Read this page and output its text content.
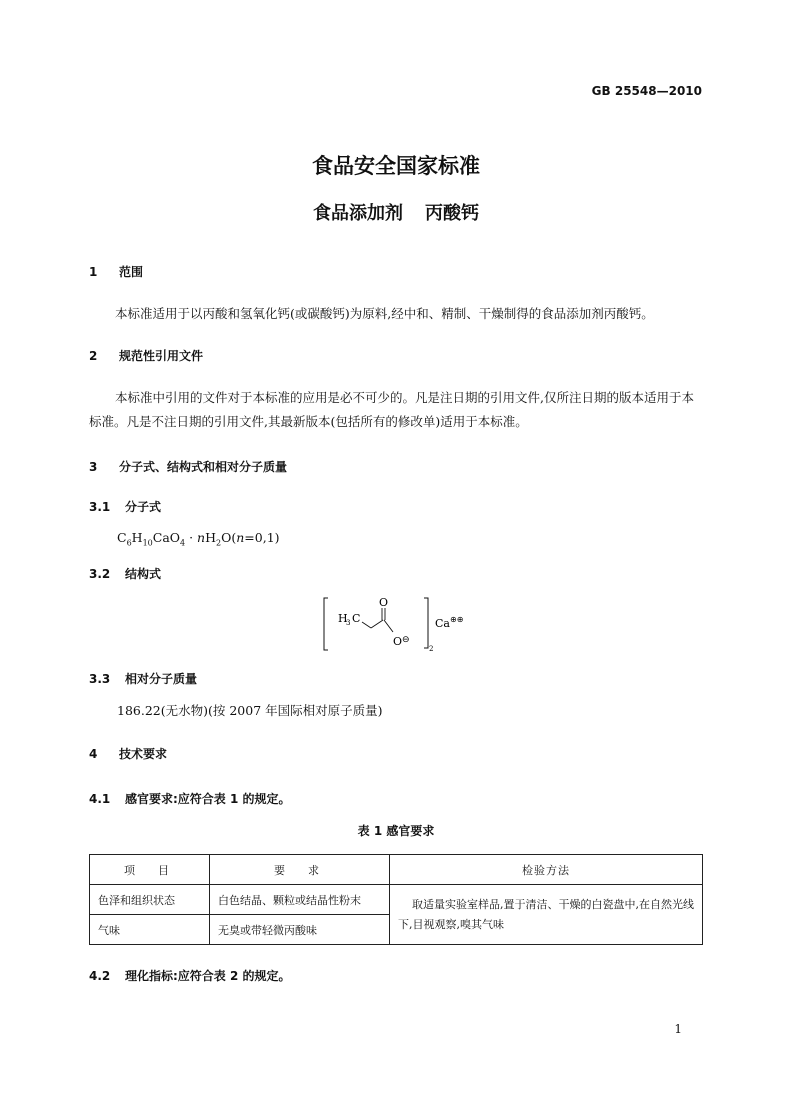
GB 25548—2010
食品安全国家标准
食品添加剂 丙酸钙
1 范围
本标准适用于以丙酸和氢氧化钙(或碳酸钙)为原料,经中和、精制、干燥制得的食品添加剂丙酸钙。
2 规范性引用文件
本标准中引用的文件对于本标准的应用是必不可少的。凡是注日期的引用文件,仅所注日期的版本适用于本标准。凡是不注日期的引用文件,其最新版本(包括所有的修改单)适用于本标准。
3 分子式、结构式和相对分子质量
3.1 分子式
$C_6H_{10}CaO_4 \cdot nH_2O(n=0,1)$
3.2 结构式
H
3 C
O
O ⊖
2
Ca ⊕⊕
3.3 相对分子质量
186.22(无水物)(按 2007 年国际相对原子质量)
4 技术要求
4.1 感官要求:应符合表 1 的规定。
表 1 感官要求
项　目	要　求	检验方法
色泽和组织状态	白色结晶、颗粒或结晶性粉末	取适量实验室样品,置于清洁、干燥的白瓷盘中,在自然光线下,目视观察,嗅其气味
气味	无臭或带轻微丙酸味	
4.2 理化指标:应符合表 2 的规定。
1
